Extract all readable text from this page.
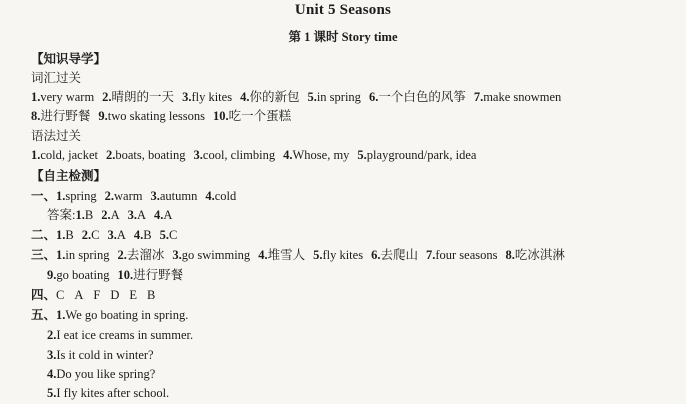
Unit 5 Seasons
第 1 课时 Story time
【知识导学】
词汇过关
1.very warm 2.晴朗的一天 3.fly kites 4.你的新包 5.in spring 6.一个白色的风筝 7.make snowmen
8.进行野餐 9.two skating lessons 10.吃一个蛋糕
语法过关
1.cold, jacket 2.boats, boating 3.cool, climbing 4.Whose, my 5.playground/park, idea
【自主检测】
一、1.spring 2.warm 3.autumn 4.cold
答案:1.B 2.A 3.A 4.A
二、1.B 2.C 3.A 4.B 5.C
三、1.in spring 2.去溜冰 3.go swimming 4.堆雪人 5.fly kites 6.去爬山 7.four seasons 8.吃冰淇淋
9.go boating 10.进行野餐
四、C A F D E B
五、1.We go boating in spring.
2.I eat ice creams in summer.
3.Is it cold in winter?
4.Do you like spring?
5.I fly kites after school.
